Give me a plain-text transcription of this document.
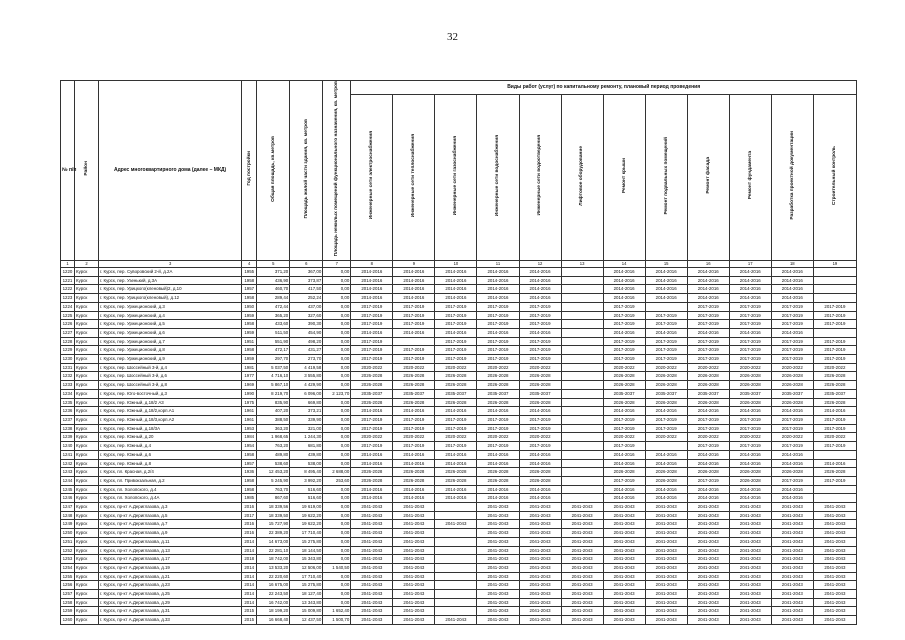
32
№ п/п	Район	Адрес многоквартирного дома (далее – МКД)	Год постройки	Общая площадь, кв.метров	Площадь жилой части здания, кв. метров	Площадь нежилых помещений функционального назначения, кв. метров	Виды работ (услуг) по капитальному ремонту, плановый период проведения											
							Инженерные сети электроснабжения	Инженерные сети теплоснабжения	Инженерные сети газоснабжения	Инженерные сети водоснабжения	Инженерные сети водоотведения	Лифтовое оборудование	Ремонт крыши	Ремонт подвальных помещений	Ремонт фасада	Ремонт фундамента	Разработка проектной документации	Строительный контроль
1	2	3	4	5	6	7	8	9	10	11	12	13	14	15	16	17	18	19
1220	Курск	г. Курск, пер. Суворовский 2-й, д.2А	1955	371,20	367,00	0,00	2014-2016	2014-2016	2014-2016	2014-2016	2014-2016		2014-2016	2014-2016	2014-2016	2014-2016	2014-2016	
1221	Курск	г. Курск, пер. Узенький, д.3А	1958	436,90	373,87	0,00	2014-2016	2014-2016	2014-2016	2014-2016	2014-2016		2014-2016	2014-2016	2014-2016	2014-2016	2014-2016	
1222	Курск	г. Курск, пер. Урицкого(кленовый)2, д.10	1957	460,70	417,50	0,00	2014-2016	2014-2016	2014-2016	2014-2016	2014-2016		2014-2016	2014-2016	2014-2016	2014-2016	2014-2016	
1223	Курск	г. Курск, пер. Урицкого(кленовый), д.12	1958	289,44	252,24	0,00	2014-2016	2014-2016	2014-2016	2014-2016	2014-2016		2014-2016	2014-2016	2014-2016	2014-2016	2014-2016	
1224	Курск	г. Курск, пер. Уржеционский, д.3	1950	472,44	437,00	0,00	2017-2019	2017-2019	2017-2019	2017-2019	2017-2019		2017-2019		2017-2019	2017-2019	2017-2019	2017-2019
1225	Курск	г. Курск, пер. Уржеционский, д.4	1959	365,20	327,60	0,00	2017-2019	2017-2019	2017-2019	2017-2019	2017-2019		2017-2019	2017-2019	2017-2019	2017-2019	2017-2019	2017-2019
1226	Курск	г. Курск, пер. Уржеционский, д.5	1958	433,60	390,30	0,00	2017-2019	2017-2019	2017-2019	2017-2019	2017-2019		2017-2019	2017-2019	2017-2019	2017-2019	2017-2019	2017-2019
1227	Курск	г. Курск, пер. Уржеционский, д.6	1959	511,50	454,90	0,00	2014-2016	2014-2016	2014-2016	2014-2016	2014-2016		2014-2016	2014-2016	2014-2016	2014-2016	2014-2016	
1228	Курск	г. Курск, пер. Уржеционский, д.7	1951	551,90	498,20	0,00	2017-2019		2017-2019	2017-2019	2017-2019		2017-2019	2017-2019	2017-2019	2017-2019	2017-2019	2017-2019
1229	Курск	г. Курск, пер. Уржеционский, д.8	1958	472,17	431,27	0,00	2017-2019	2017-2019	2017-2019	2017-2019	2017-2019		2017-2019	2017-2019	2017-2019	2017-2019	2017-2019	2017-2019
1230	Курск	г. Курск, пер. Уржеционский, д.9	1959	297,70	273,70	0,00	2017-2019	2017-2019	2017-2019	2017-2019	2017-2019		2017-2019	2017-2019	2017-2019	2017-2019	2017-2019	2017-2019
1231	Курск	г. Курск, пер. Шоссейный 3-й, д.4	1981	5 037,50	4 419,58	0,00	2020-2022	2020-2022	2020-2022	2020-2022	2020-2022		2020-2022	2020-2022	2020-2022	2020-2022	2020-2022	2020-2022
1232	Курск	г. Курск, пер. Шоссейный 3-й, д.6	1977	4 716,10	3 555,80	0,00	2026-2028	2026-2028	2026-2028	2026-2028	2026-2028		2026-2028	2026-2028	2026-2028	2026-2028	2026-2028	2026-2028
1233	Курск	г. Курск, пер. Шоссейный 3-й, д.8	1969	5 867,10	4 429,90	0,00	2026-2028	2026-2028	2026-2028	2026-2028	2026-2028		2026-2028	2026-2028	2026-2028	2026-2028	2026-2028	2026-2028
1234	Курск	г. Курск, пер. Юго-восточный, д.3	1990	8 219,70	6 096,00	2 123,70	2035-2037	2035-2037	2035-2037	2035-2037	2035-2037		2035-2037	2035-2037	2035-2037	2035-2037	2035-2037	2035-2037
1235	Курск	г. Курск, пер. Южный, д.18/2 А3	1975	835,90	669,80	0,00	2026-2028	2026-2028	2026-2028	2026-2028	2026-2028		2026-2028	2026-2028	2026-2028	2026-2028	2026-2028	2026-2028
1236	Курск	г. Курск, пер. Южный, д.18/2,корп.А1	1961	407,20	373,21	0,00	2014-2016	2014-2016	2014-2016	2014-2016	2014-2016		2014-2016	2014-2016	2014-2016	2014-2016	2014-2016	2014-2016
1237	Курск	г. Курск, пер. Южный, д.18/3,корп.А2	1961	388,50	339,90	0,00	2017-2019	2017-2019	2017-2019	2017-2019	2017-2019		2017-2019	2017-2019	2017-2019	2017-2019	2017-2019	2017-2019
1238	Курск	г. Курск, пер. Южный, д.18/3А	1953	363,20	321,00	0,00	2017-2019	2017-2019	2017-2019	2017-2019	2017-2019		2017-2019	2017-2019	2017-2019	2017-2019	2017-2019	2017-2019
1239	Курск	г. Курск, пер. Южный, д.20	1984	1 968,65	1 244,30	0,00	2020-2022	2020-2022	2020-2022	2020-2022	2020-2022		2020-2022	2020-2022	2020-2022	2020-2022	2020-2022	2020-2022
1240	Курск	г. Курск, пер. Южный, д.4	1954	763,20	681,80	0,00	2017-2019	2017-2019	2017-2019	2017-2019	2017-2019		2017-2019		2017-2019	2017-2019	2017-2019	2017-2019
1241	Курск	г. Курск, пер. Южный, д.6	1958	489,80	439,80	0,00	2014-2016	2014-2016	2014-2016	2014-2016	2014-2016		2014-2016	2014-2016	2014-2016	2014-2016	2014-2016	
1242	Курск	г. Курск, пер. Южный, д.8	1957	538,60	538,00	0,00	2014-2016	2014-2016	2014-2016	2014-2016	2014-2016		2014-2016	2014-2016	2014-2016	2014-2016	2014-2016	2014-2016
1243	Курск	г. Курск, пл. Красная, д.2/4	1936	12 453,20	8 495,40	2 688,00	2026-2028	2026-2028	2026-2028	2026-2028	2026-2028		2026-2028	2026-2028	2026-2028	2026-2028	2026-2028	2026-2028
1244	Курск	г. Курск, пл. Привокзальная, д.2	1958	5 245,90	3 992,20	253,60	2026-2028	2026-2028	2026-2028	2026-2028	2026-2028		2017-2019	2026-2028	2017-2019	2026-2028	2017-2019	2017-2019
1245	Курск	г. Курск, пл. Холопского, д.4	1958	763,70	516,60	0,00	2014-2016	2014-2016	2014-2016	2014-2016	2014-2016		2014-2016	2014-2016	2014-2016	2014-2016	2014-2016	
1246	Курск	г. Курск, пл. Холопского, д.4А	1985	867,60	516,60	0,00	2014-2016	2014-2016	2014-2016	2014-2016	2014-2016		2014-2016	2014-2016	2014-2016	2014-2016	2014-2016	
1247	Курск	г. Курск, пр-кт А.Дериглазова, д.3	2016	18 339,56	19 619,00	0,00	2041-2043	2041-2043		2041-2043	2041-2043	2041-2043	2041-2043	2041-2043	2041-2043	2041-2043	2041-2043	2041-2043
1248	Курск	г. Курск, пр-кт А.Дериглазова, д.5	2017	18 339,50	19 622,20	0,00	2041-2043	2041-2043		2041-2043	2041-2043	2041-2043	2041-2043	2041-2043	2041-2043	2041-2043	2041-2043	2041-2043
1249	Курск	г. Курск, пр-кт А.Дериглазова, д.7	2016	15 727,90	19 622,20	0,00	2041-2043	2041-2043	2041-2043	2041-2043	2041-2043	2041-2043	2041-2043	2041-2043	2041-2043	2041-2043	2041-2043	2041-2043
1250	Курск	г. Курск, пр-кт А.Дериглазова, д.9	2016	22 389,20	17 710,40	0,00	2041-2043	2041-2043		2041-2043	2041-2043	2041-2043	2041-2043	2041-2043	2041-2043	2041-2043	2041-2043	2041-2043
1251	Курск	г. Курск, пр-кт А.Дериглазова, д.11	2014	14 673,00	15 275,80	0,00	2041-2043	2041-2043		2041-2043	2041-2043	2041-2043	2041-2043	2041-2043	2041-2043	2041-2043	2041-2043	2041-2043
1252	Курск	г. Курск, пр-кт А.Дериглазова, д.13	2014	22 281,10	18 144,50	0,00	2041-2043	2041-2043		2041-2043	2041-2043	2041-2043	2041-2043	2041-2043	2041-2043	2041-2043	2041-2043	2041-2043
1253	Курск	г. Курск, пр-кт А.Дериглазова, д.17	2018	18 742,00	15 343,80	0,00	2041-2043	2041-2043		2041-2043	2041-2043	2041-2043	2041-2043	2041-2043	2041-2043	2041-2043	2041-2043	2041-2043
1254	Курск	г. Курск, пр-кт А.Дериглазова, д.19	2014	13 533,20	12 506,00	1 540,50	2041-2043	2041-2043		2041-2043	2041-2043	2041-2043	2041-2043	2041-2043	2041-2043	2041-2043	2041-2043	2041-2043
1255	Курск	г. Курск, пр-кт А.Дериглазова, д.21	2014	22 220,60	17 710,40	0,00	2041-2043	2041-2043		2041-2043	2041-2043	2041-2043	2041-2043	2041-2043	2041-2043	2041-2043	2041-2043	2041-2043
1256	Курск	г. Курск, пр-кт А.Дериглазова, д.23	2014	16 675,00	15 275,80	0,00	2041-2043	2041-2043		2041-2043	2041-2043	2041-2043	2041-2043	2041-2043	2041-2043	2041-2043	2041-2043	2041-2043
1257	Курск	г. Курск, пр-кт А.Дериглазова, д.25	2014	22 243,50	18 127,40	0,00	2041-2043	2041-2043		2041-2043	2041-2043	2041-2043	2041-2043	2041-2043	2041-2043	2041-2043	2041-2043	2041-2043
1258	Курск	г. Курск, пр-кт А.Дериглазова, д.29	2014	16 742,00	13 343,80	0,00	2041-2043	2041-2043		2041-2043	2041-2043	2041-2043	2041-2043	2041-2043	2041-2043	2041-2043	2041-2043	2041-2043
1259	Курск	г. Курск, пр-кт А.Дериглазова, д.31	2015	18 199,20	15 009,80	1 652,40	2041-2043	2041-2043		2041-2043	2041-2043	2041-2043	2041-2043	2041-2043	2041-2043	2041-2043	2041-2043	2041-2043
1260	Курск	г. Курск, пр-кт А.Дериглазова, д.33	2015	16 668,40	12 437,50	1 500,70	2041-2043	2041-2043	2041-2043	2041-2043	2041-2043	2041-2043	2041-2043	2041-2043	2041-2043	2041-2043	2041-2043	2041-2043
